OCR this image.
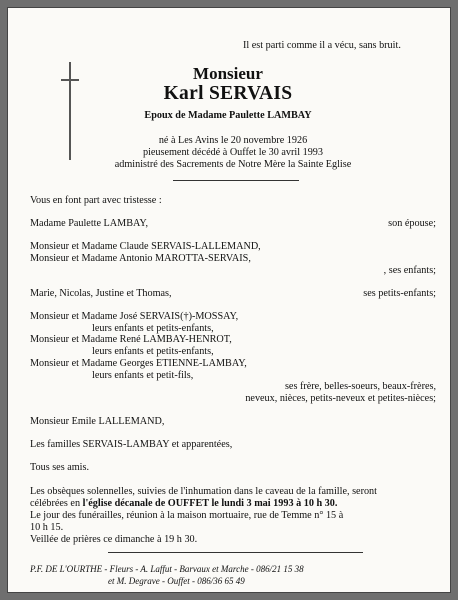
Il est parti comme il a vécu, sans bruit.
Monsieur
Karl SERVAIS
Epoux de Madame Paulette LAMBAY
né à Les Avins le 20 novembre 1926
pieusement décédé à Ouffet le 30 avril 1993
administré des Sacrements de Notre Mère la Sainte Eglise
Vous en font part avec tristesse :
Madame Paulette LAMBAY,	son épouse;
Monsieur et Madame Claude SERVAIS-LALLEMAND,
Monsieur et Madame Antonio MAROTTA-SERVAIS,
, ses enfants;
Marie, Nicolas, Justine et Thomas,	ses petits-enfants;
Monsieur et Madame José SERVAIS(†)-MOSSAY,
leurs enfants et petits-enfants,
Monsieur et Madame René LAMBAY-HENROT,
leurs enfants et petits-enfants,
Monsieur et Madame Georges ETIENNE-LAMBAY,
leurs enfants et petit-fils,
ses frère, belles-soeurs, beaux-frères,
neveux, nièces, petits-neveux et petites-nièces;
Monsieur Emile LALLEMAND,
Les familles SERVAIS-LAMBAY et apparentées,
Tous ses amis.
Les obsèques solennelles, suivies de l'inhumation dans le caveau de la famille, seront
célébrées en l'église décanale de OUFFET le lundi 3 mai 1993 à 10 h 30.
Le jour des funérailles, réunion à la maison mortuaire, rue de Temme n° 15 à
10 h 15.
Veillée de prières ce dimanche à 19 h 30.
P.F. DE L'OURTHE - Fleurs - A. Laffut - Barvaux et Marche - 086/21 15 38
et M. Degrave - Ouffet - 086/36 65 49
